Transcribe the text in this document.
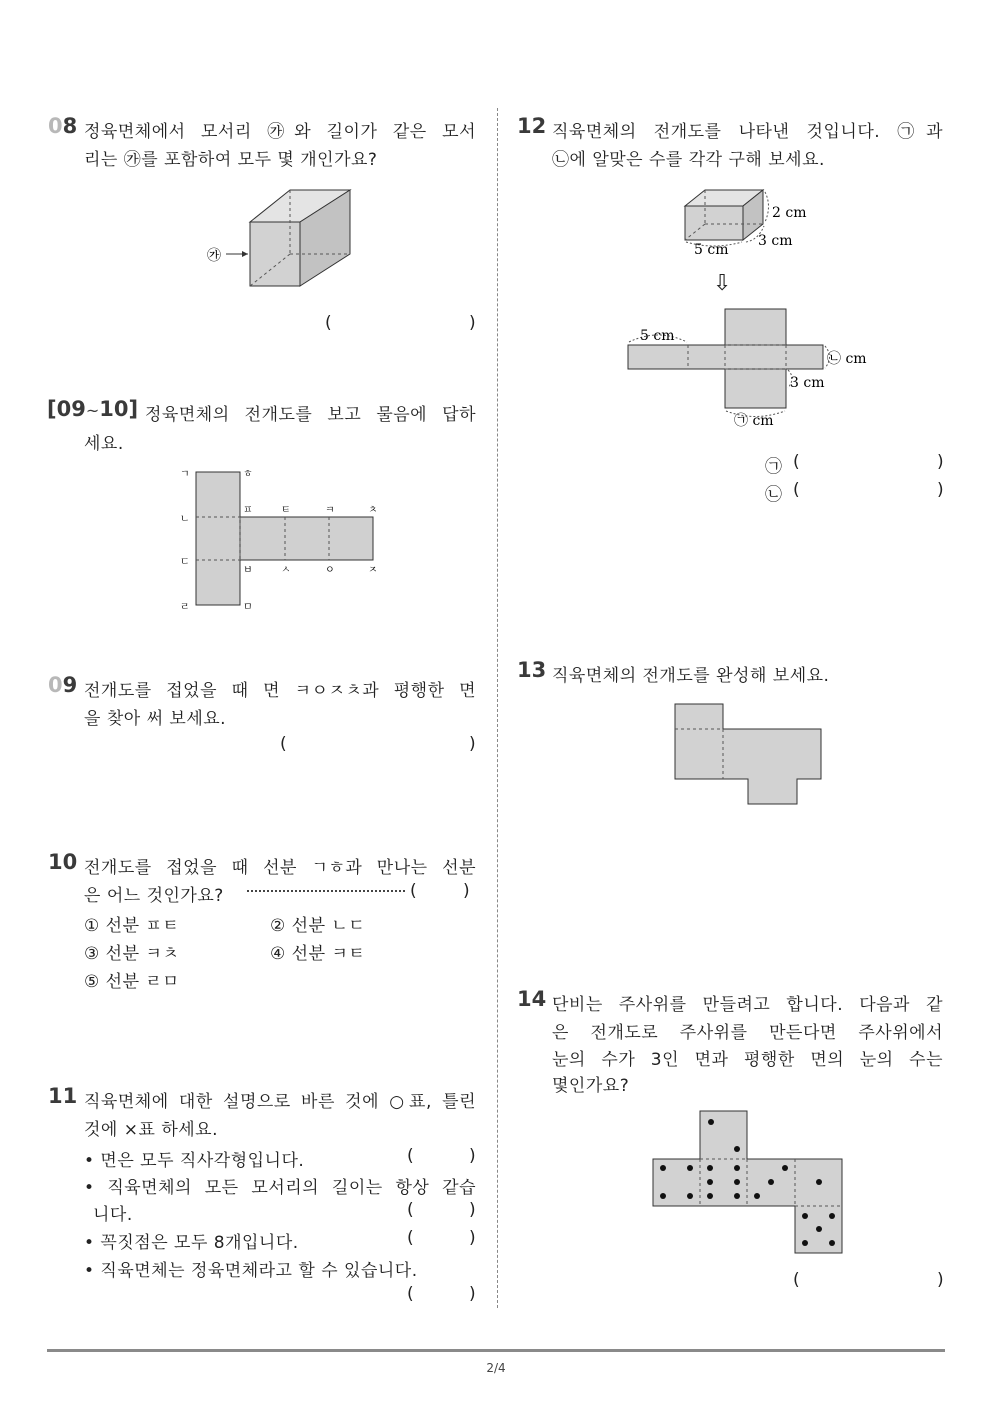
08 정육면체에서 모서리 ㉮와 길이가 같은 모서
리는 ㉮를 포함하여 모두 몇 개인가요?
㉮
(	)
[09~10] 정육면체의 전개도를 보고 물음에 답하
세요.
ㄱ	ㅎ
ㄴ
ㅍ	ㅌ	ㅋ	ㅊ
ㄷ
ㅂ	ㅅ	ㅇ	ㅈ
ㄹ	ㅁ
09 전개도를 접었을 때 면 ㅋㅇㅈㅊ과 평행한 면
을 찾아 써 보세요.
(	)
10 전개도를 접었을 때 선분 ㄱㅎ과 만나는 선분
은 어느 것인가요?	(	)
① 선분 ㅍㅌ	② 선분 ㄴㄷ
③ 선분 ㅋㅊ	④ 선분 ㅋㅌ
⑤ 선분 ㄹㅁ
11 직육면체에 대한 설명으로 바른 것에 ○표, 틀린
것에 ×표 하세요.
• 면은 모두 직사각형입니다.	(	)
• 직육면체의 모든 모서리의 길이는 항상 같습
니다.	(	)
• 꼭짓점은 모두 8개입니다.	(	)
• 직육면체는 정육면체라고 할 수 있습니다.
(	)
12 직육면체의 전개도를 나타낸 것입니다. ㉠과
㉡에 알맞은 수를 각각 구해 보세요.
2 cm
3 cm
5 cm
⇩
5 cm
㉡ cm
3 cm
㉠ cm
㉠ (	)
㉡ (	)
13 직육면체의 전개도를 완성해 보세요.
14 단비는 주사위를 만들려고 합니다. 다음과 같
은 전개도로 주사위를 만든다면 주사위에서
눈의 수가 3인 면과 평행한 면의 눈의 수는
몇인가요?
(	)
2/4
